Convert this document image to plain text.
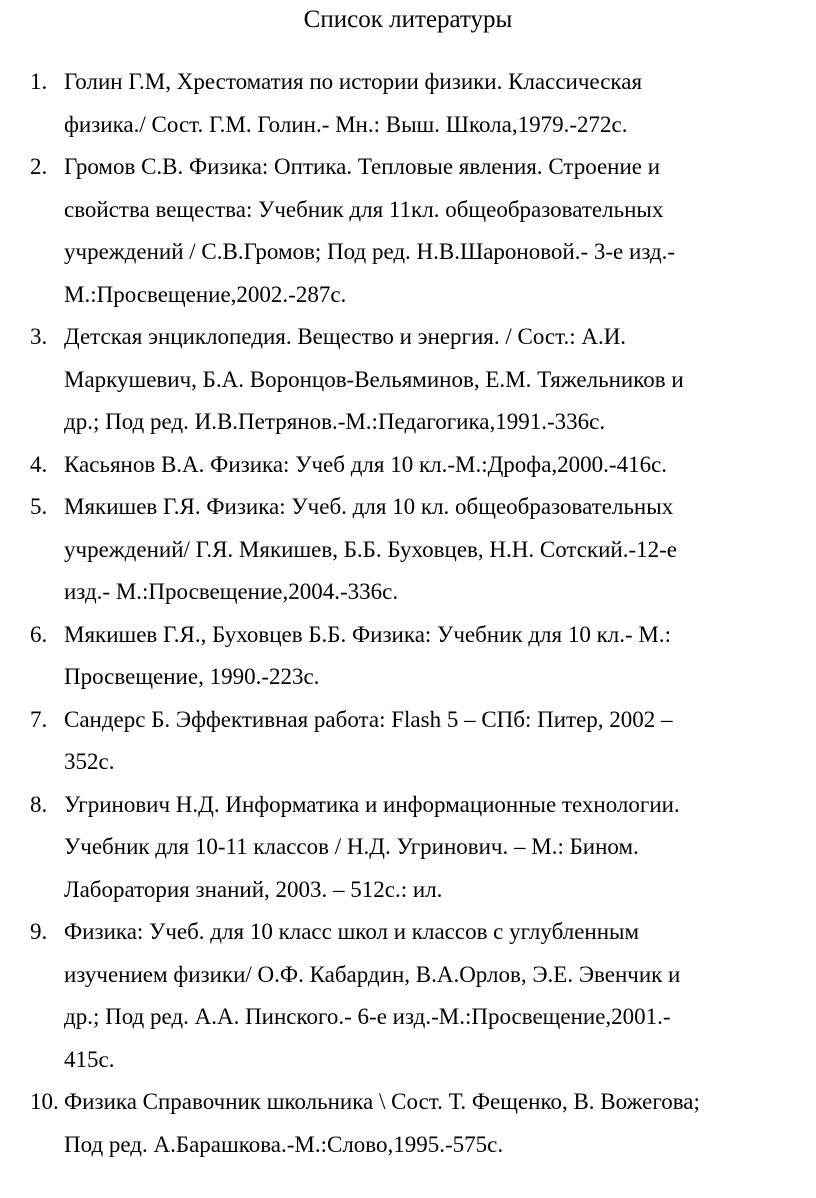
Список литературы
1. Голин Г.М, Хрестоматия по истории физики. Классическая
физика./ Сост. Г.М. Голин.- Мн.: Выш. Школа,1979.-272с.
2. Громов С.В. Физика: Оптика. Тепловые явления. Строение и
свойства вещества: Учебник для 11кл. общеобразовательных
учреждений / С.В.Громов; Под ред. Н.В.Шароновой.- 3-е изд.-
М.:Просвещение,2002.-287с.
3. Детская энциклопедия. Вещество и энергия. / Сост.: А.И.
Маркушевич, Б.А. Воронцов-Вельяминов, Е.М. Тяжельников и
др.; Под ред. И.В.Петрянов.-М.:Педагогика,1991.-336с.
4. Касьянов В.А. Физика: Учеб для 10 кл.-М.:Дрофа,2000.-416с.
5. Мякишев Г.Я. Физика: Учеб. для 10 кл. общеобразовательных
учреждений/ Г.Я. Мякишев, Б.Б. Буховцев, Н.Н. Сотский.-12-е
изд.- М.:Просвещение,2004.-336с.
6. Мякишев Г.Я., Буховцев Б.Б. Физика: Учебник для 10 кл.- М.:
Просвещение, 1990.-223с.
7. Сандерс Б. Эффективная работа: Flash 5 – СПб: Питер, 2002 –
352с.
8. Угринович Н.Д. Информатика и информационные технологии.
Учебник для 10-11 классов / Н.Д. Угринович. – М.: Бином.
Лаборатория знаний, 2003. – 512с.: ил.
9. Физика: Учеб. для 10 класс школ и классов с углубленным
изучением физики/ О.Ф. Кабардин, В.А.Орлов, Э.Е. Эвенчик и
др.; Под ред. А.А. Пинского.- 6-е изд.-М.:Просвещение,2001.-
415с.
10. Физика Справочник школьника \ Сост. Т. Фещенко, В. Вожегова;
Под ред. А.Барашкова.-М.:Слово,1995.-575с.
